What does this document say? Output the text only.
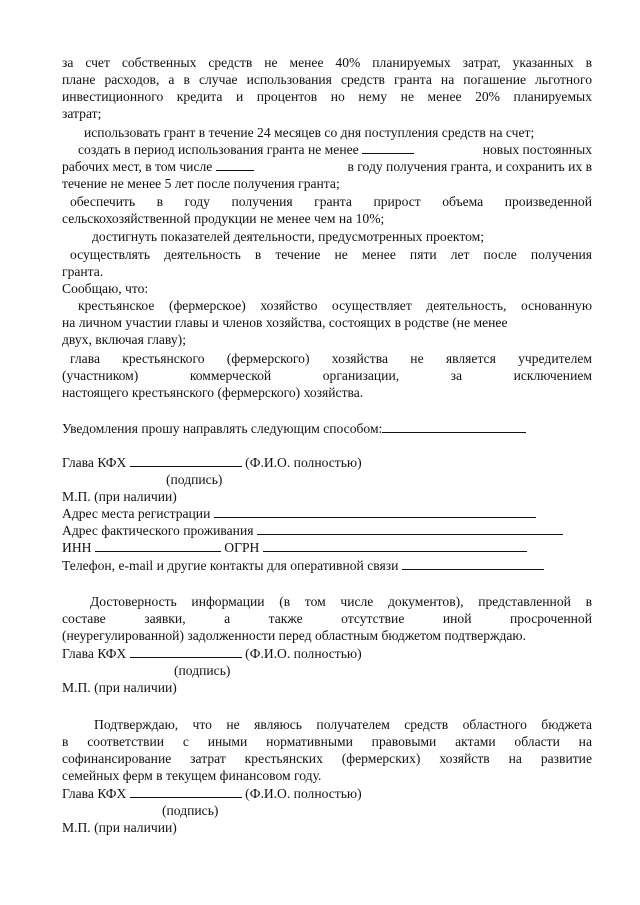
за счет собственных средств не менее 40% планируемых затрат, указанных в
плане расходов, а в случае использования средств гранта на погашение льготного
инвестиционного кредита и процентов но нему не менее 20% планируемых
затрат;
использовать грант в течение 24 месяцев со дня поступления средств на счет;
создать в период использования гранта не менее	новых постоянных
рабочих мест, в том числе	в году получения гранта, и сохранить их в
течение не менее 5 лет после получения гранта;
обеспечить в году получения гранта прирост объема произведенной
сельскохозяйственной продукции не менее чем на 10%;
достигнуть показателей деятельности, предусмотренных проектом;
осуществлять деятельность в течение не менее пяти лет после получения
гранта.
Сообщаю, что:
крестьянское (фермерское) хозяйство осуществляет деятельность, основанную
на личном участии главы и членов хозяйства, состоящих в родстве (не менее
двух, включая главу);
глава крестьянского (фермерского) хозяйства не является учредителем
(участником) коммерческой организации, за исключением
настоящего крестьянского (фермерского) хозяйства.
Уведомления прошу направлять следующим способом:
Глава КФХ	(Ф.И.О. полностью)
(подпись)
М.П. (при наличии)
Адрес места регистрации
Адрес фактического проживания
ИНН	ОГРН
Телефон, e-mail и другие контакты для оперативной связи
Достоверность информации (в том числе документов), представленной в
составе заявки, а также отсутствие иной просроченной
(неурегулированной) задолженности перед областным бюджетом подтверждаю.
Глава КФХ	(Ф.И.О. полностью)
(подпись)
М.П. (при наличии)
Подтверждаю, что не являюсь получателем средств областного бюджета
в соответствии с иными нормативными правовыми актами области на
софинансирование затрат крестьянских (фермерских) хозяйств на развитие
семейных ферм в текущем финансовом году.
Глава КФХ	(Ф.И.О. полностью)
(подпись)
М.П. (при наличии)
